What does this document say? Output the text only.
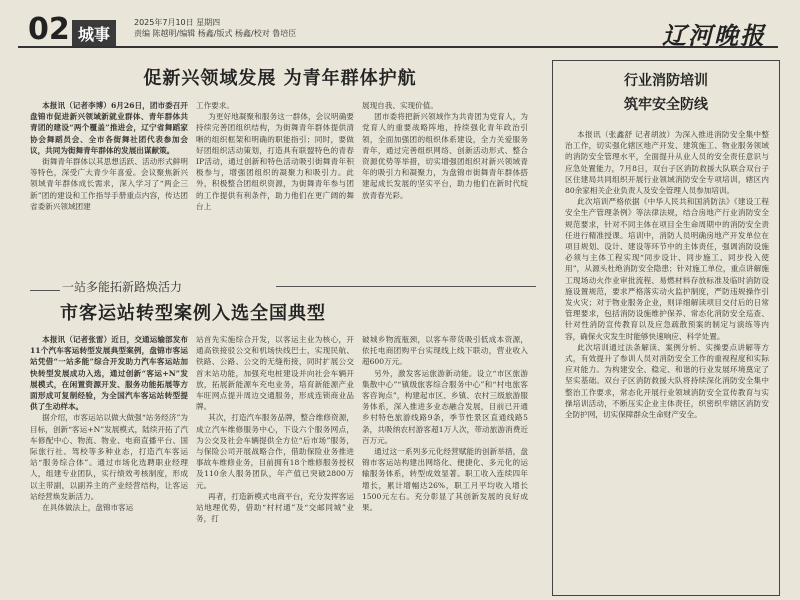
02 城事
2025年7月10日 星期四
责编 陈越明/编辑 杨鑫/版式 杨鑫/校对 鲁培臣	辽河晚报
促新兴领域发展 为青年群体护航

本报讯（记者李博）6月26日，团市委召开盘锦市促进新兴领域新就业群体、青年群体共青团的建设“两个覆盖”推进会，辽宁省舞蹈家协会舞蹈员会、全市各街舞社团代表参加会议，共同为街舞青年群体的发展出谋献策。

街舞青年群体以其思想活跃、活动形式鲜明等特色，深受广大青少年喜爱。会议聚焦新兴领域青年群体成长需求，深入学习了“两企三新”团的建设和工作指导手册重点内容，传达团省委新兴领域团建

工作要求。

为更好地凝聚和服务这一群体，会议明确要持续完善团组织结构，为街舞青年群体提供清晰的组织框架和明确的职能指引；同时，要做好团组织活动策划，打造具有联盟特色的青春IP活动，通过创新和特色活动吸引街舞青年积极参与，增强团组织的凝聚力和吸引力。此外，积极整合团组织资源，为街舞青年参与团的工作提供有利条件，助力他们在更广阔的舞台上

展现自我、实现价值。

团市委将把新兴领域作为共青团为党育人，为党育人的重要战略阵地，持续强化青年政治引领，全面加强团的组织体系建设，全力关爱服务青年，通过完善组织网络、创新活动形式、整合资源优势等举措，切实增强团组织对新兴领域青年的吸引力和凝聚力，为盘锦市街舞青年群体搭建起成长发展的坚实平台，助力他们在新时代绽放青春光彩。

一站多能拓新路焕活力
市客运站转型案例入选全国典型

本报讯（记者张雷）近日，交通运输部发布11个汽车客运转型发展典型案例，盘锦市客运站凭借“一站多能”综合开发助力汽车客运站加快转型发展成功入选，通过创新“客运+N”发展模式，在闲置资源开发、服务功能拓展等方面形成可复制经验，为全国汽车客运站转型提供了生动样本。

据介绍，市客运站以做大做强“站务经济”为目标，创新“客运+N”发展模式，陆续开拓了汽车修配中心、物流、物业、电商直播平台、国际旅行社、驾校等多种业态，打造汽车客运站“服务综合体”。通过市场化选聘职业经理人，组建专业团队，实行绩效考核制度，形成以主带副，以副养主的产业经营结构，让客运站经营焕发新活力。

在具体做法上，盘锦市客运

站首先实施综合开发，以客运主业为核心，开通高铁接驳公交和机场快线巴士，实现民航、铁路、公路、公交的无缝衔接，同时扩展公交首末站功能，加强充电桩建设并向社会车辆开放，拓展新能源车充电业务，培育新能源产业车旺网点提升周边交通服务，形成连锁商业品牌。

其次，打造汽车服务品牌，整合维修资源，成立汽车维修服务中心，下设六个服务网点，为公交及社会车辆提供全方位“后市场”服务，与保险公司开展战略合作，借助保险业务推进事故车维修业务，目前拥有18个维修服务授权及110余人服务团队，年产值已突破2800万元。

再者，打造新模式电商平台，充分发挥客运站地理优势，借助“村村通”及“交邮同城”业务，打

破城乡物流瓶颈，以客车带货吸引低成本资源，依托电商团购平台实现线上线下联动，营业收入超600万元。

另外，激发客运旅游新动能。设立“市区旅游集散中心”“镇级旅客综合服务中心”和“村电旅客客咨询点”，构建起市区、乡镇、农村三级旅游服务体系，深入推进多业态融合发展，目前已开通乡村特色旅游线路9条，季节性景区直通线路5条，共吸纳农村游客超1万人次，带动旅游消费近百万元。

通过这一系列多元化经营赋能的创新举措，盘锦市客运站构建出网络化、便捷化、多元化的运输服务体系，转型成效显著。职工收入连续四年增长，累计增幅达26%，职工月平均收入增长1500元左右。充分彰显了其创新发展的良好成果。

行业消防培训
筑牢安全防线

本报讯（张鑫舒 记者胡波）为深入推进消防安全集中整治工作，切实强化辖区地产开发、建筑施工、物业服务领域的消防安全管理水平，全面提升从业人员的安全责任意识与应急处置能力，7月8日，双台子区消防救援大队联合双台子区住建局共同组织开展行业领域消防安全专项培训，辖区内80余家相关企业负责人及安全管理人员参加培训。

此次培训严格依据《中华人民共和国消防法》《建设工程安全生产管理条例》等法律法规，结合房地产行业消防安全规范要求，针对不同主体在项目全生命周期中的消防安全责任进行精准授课。培训中，消防人员明确房地产开发单位在项目规划、设计、建设等环节中的主体责任，强调消防设施必须与主体工程实现“同步设计、同步施工、同步投入使用”，从源头杜绝消防安全隐患；针对施工单位，重点讲解施工现场动火作业审批流程、易燃材料存放标准及临时消防设施设置规范，要求严格落实动火监护制度，严防违规操作引发火灾；对于物业服务企业，则详细解读项目交付后的日常管理要求，包括消防设施维护保养、常态化消防安全巡查、针对性消防宣传教育以及应急疏散预案的制定与演练等内容，确保火灾发生时能够快速响应、科学处置。

此次培训通过法条解读、案例分析、实操要点讲解等方式，有效提升了参训人员对消防安全工作的重视程度和实际应对能力。为构建安全、稳定、和谐的行业发展环境奠定了坚实基础。双台子区消防救援大队将持续深化消防安全集中整治工作要求，常态化开展行业领域消防安全宣传教育与实操培训活动，不断压实企业主体责任，织密织牢辖区消防安全防护网，切实保障群众生命财产安全。
